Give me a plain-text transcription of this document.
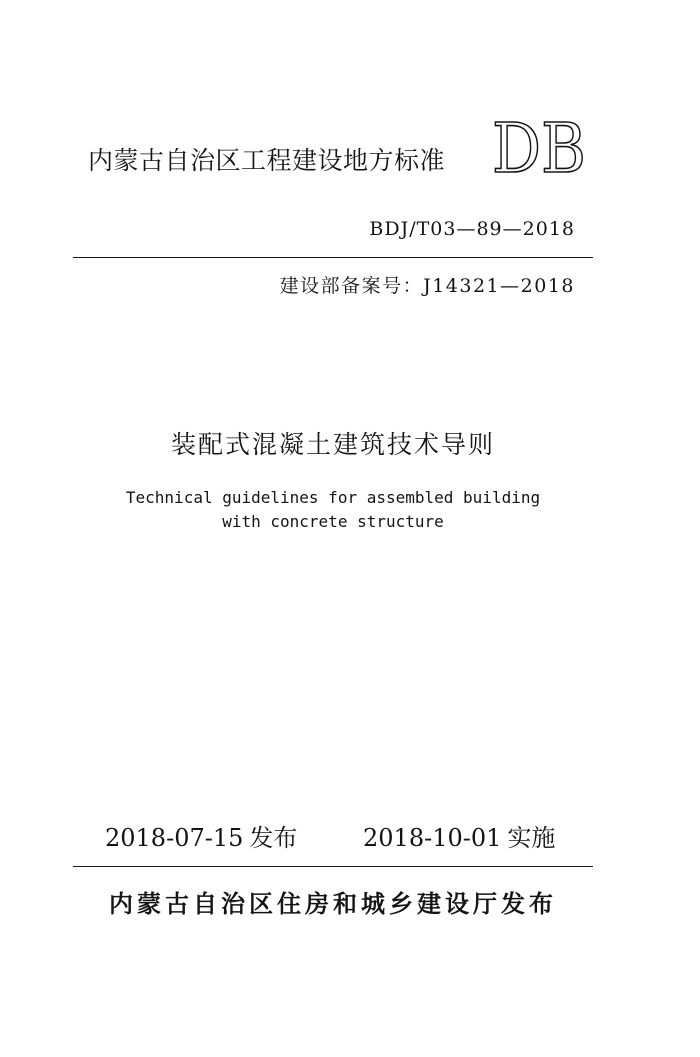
内蒙古自治区工程建设地方标准 DB
BDJ/T03—89—2018
建设部备案号：J14321—2018
装配式混凝土建筑技术导则
Technical guidelines for assembled building
with concrete structure
2018-07-15 发布	2018-10-01 实施
内蒙古自治区住房和城乡建设厅发布
